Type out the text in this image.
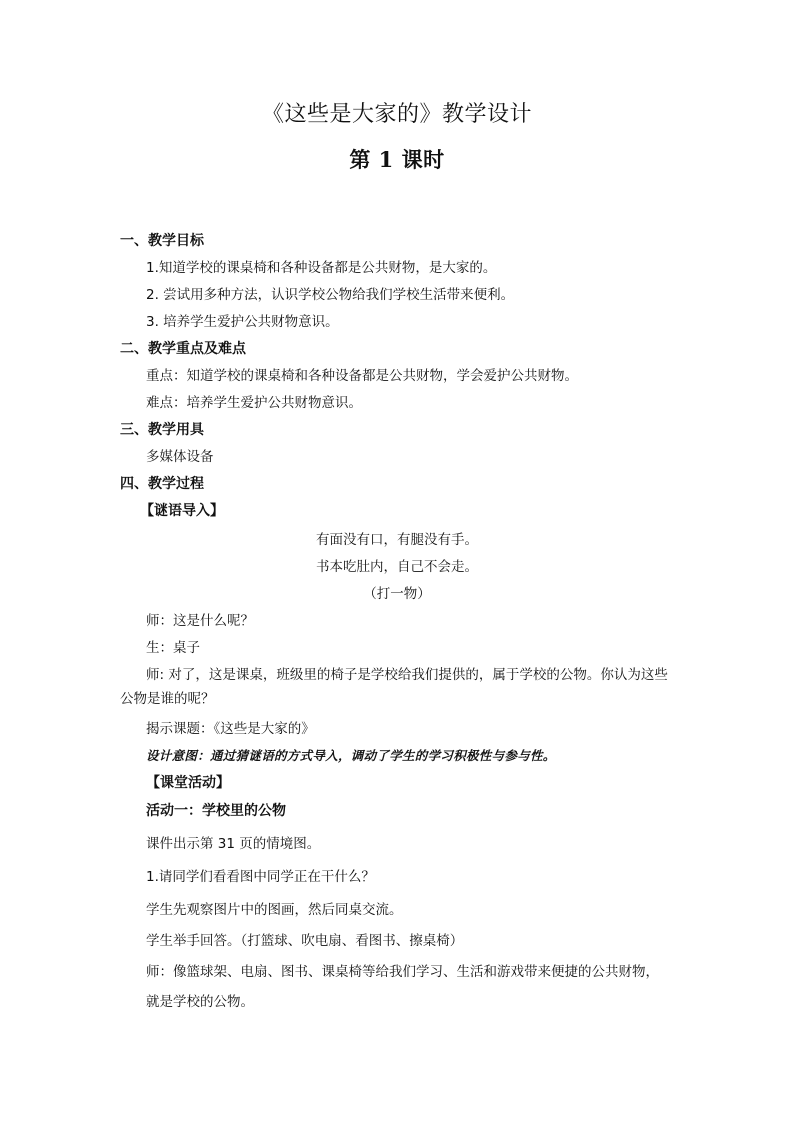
《这些是大家的》教学设计
第 1 课时
一、教学目标
1.知道学校的课桌椅和各种设备都是公共财物，是大家的。
2. 尝试用多种方法，认识学校公物给我们学校生活带来便利。
3. 培养学生爱护公共财物意识。
二、教学重点及难点
重点：知道学校的课桌椅和各种设备都是公共财物，学会爱护公共财物。
难点：培养学生爱护公共财物意识。
三、教学用具
多媒体设备
四、教学过程
【谜语导入】
有面没有口，有腿没有手。
书本吃肚内，自己不会走。
（打一物）
师：这是什么呢？
生：桌子
师: 对了，这是课桌，班级里的椅子是学校给我们提供的，属于学校的公物。你认为这些公物是谁的呢？
揭示课题：《这些是大家的》
设计意图：通过猜谜语的方式导入，调动了学生的学习积极性与参与性。
【课堂活动】
活动一：学校里的公物
课件出示第 31 页的情境图。
1.请同学们看看图中同学正在干什么？
学生先观察图片中的图画，然后同桌交流。
学生举手回答。（打篮球、吹电扇、看图书、擦桌椅）
师：像篮球架、电扇、图书、课桌椅等给我们学习、生活和游戏带来便捷的公共财物，
就是学校的公物。
